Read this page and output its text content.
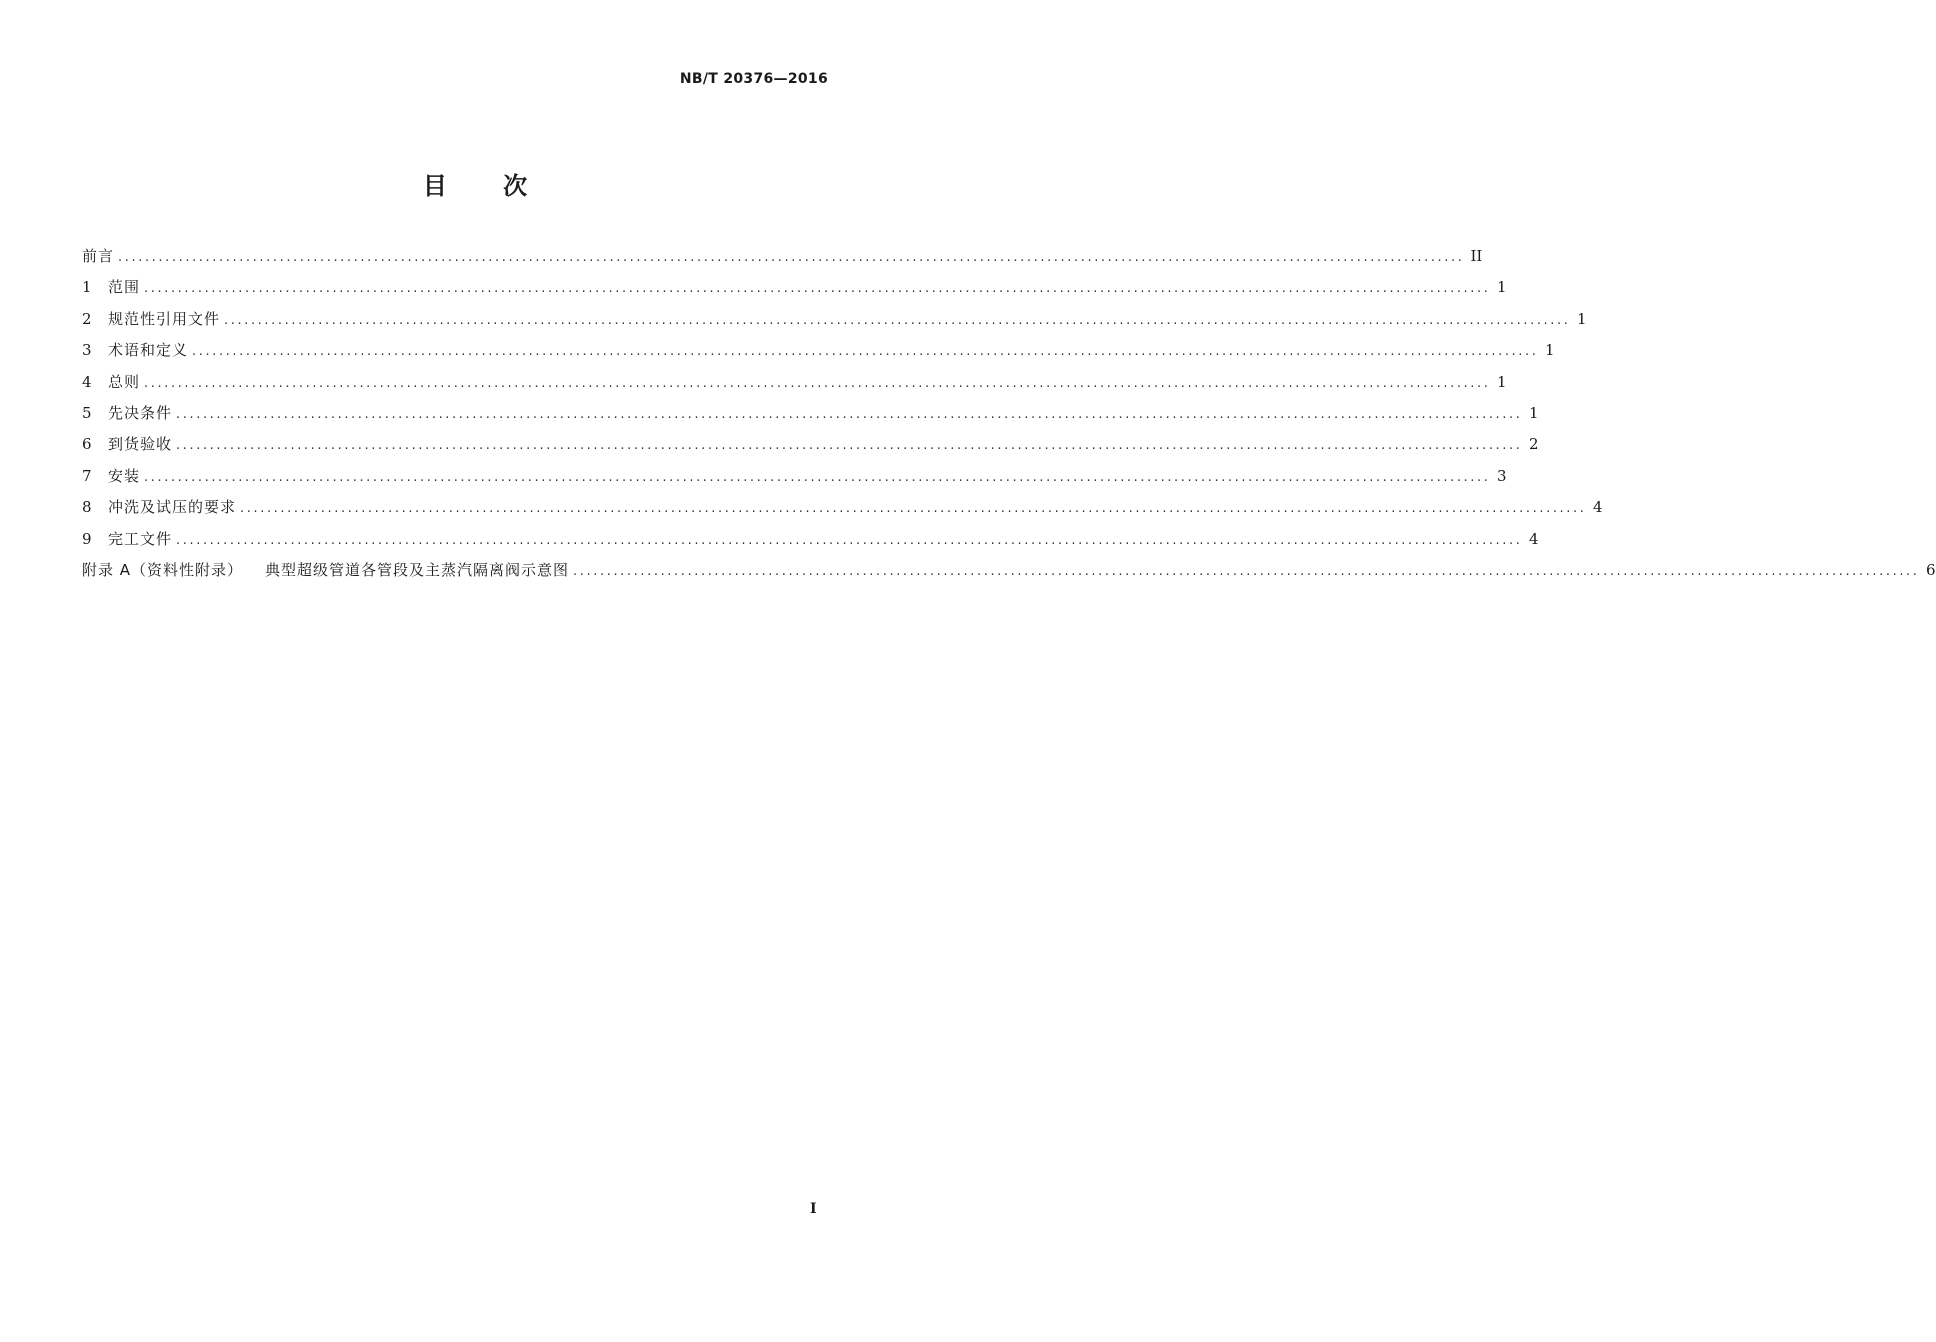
NB/T 20376—2016
目 次
前言 ........................................................................................................................................................................................................ II
1	范围 ........................................................................................................................................................................................................ 1
2	规范性引用文件 ........................................................................................................................................................................................................ 1
3	术语和定义 ........................................................................................................................................................................................................ 1
4	总则 ........................................................................................................................................................................................................ 1
5	先决条件 ........................................................................................................................................................................................................ 1
6	到货验收 ........................................................................................................................................................................................................ 2
7	安装 ........................................................................................................................................................................................................ 3
8	冲洗及试压的要求 ........................................................................................................................................................................................................ 4
9	完工文件 ........................................................................................................................................................................................................ 4
附录 A（资料性附录） 典型超级管道各管段及主蒸汽隔离阀示意图 ........................................................................................................................................................................................................ 6
I
